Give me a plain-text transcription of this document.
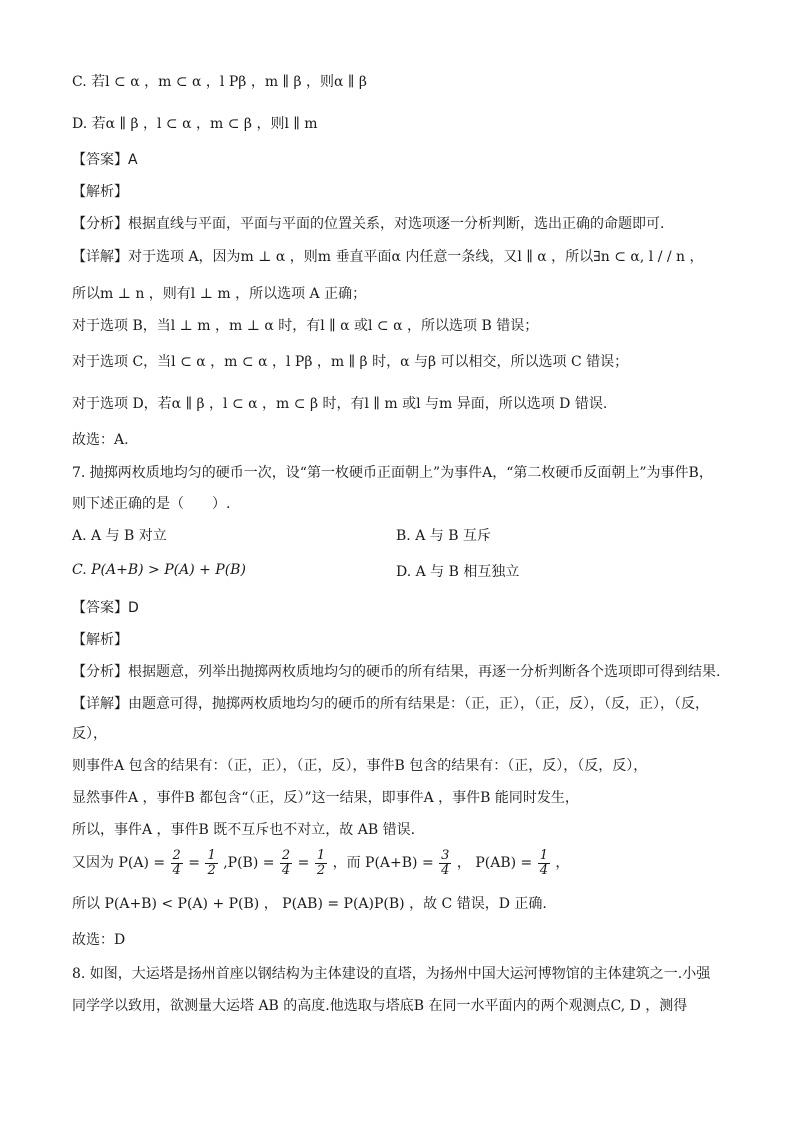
C. 若l ⊂ α ，m ⊂ α ，l Pβ ，m ∥ β ，则α ∥ β
D. 若α ∥ β ，l ⊂ α ，m ⊂ β ，则l ∥ m
【答案】A
【解析】
【分析】根据直线与平面，平面与平面的位置关系，对选项逐一分析判断，选出正确的命题即可.
【详解】对于选项 A，因为m ⊥ α ，则m 垂直平面α 内任意一条线，又l ∥ α ，所以∃n ⊂ α, l / / n ，
所以m ⊥ n ，则有l ⊥ m ，所以选项 A 正确；
对于选项 B，当l ⊥ m ，m ⊥ α 时，有l ∥ α 或l ⊂ α ，所以选项 B 错误；
对于选项 C，当l ⊂ α ，m ⊂ α ，l Pβ ，m ∥ β 时，α 与β 可以相交，所以选项 C 错误；
对于选项 D，若α ∥ β ，l ⊂ α ，m ⊂ β 时，有l ∥ m 或l 与m 异面，所以选项 D 错误.
故选：A.
7. 抛掷两枚质地均匀的硬币一次，设“第一枚硬币正面朝上”为事件A，“第二枚硬币反面朝上”为事件B，
则下述正确的是（　　）.
A. A 与 B 对立	B. A 与 B 互斥
C. P(A+B) > P(A) + P(B)	D. A 与 B 相互独立
【答案】D
【解析】
【分析】根据题意，列举出抛掷两枚质地均匀的硬币的所有结果，再逐一分析判断各个选项即可得到结果.
【详解】由题意可得，抛掷两枚质地均匀的硬币的所有结果是：（正，正），（正，反），（反，正），（反，
反），
则事件A 包含的结果有：（正，正），（正，反），事件B 包含的结果有：（正，反），（反，反），
显然事件A ，事件B 都包含“（正，反）”这一结果，即事件A ，事件B 能同时发生，
所以，事件A ，事件B 既不互斥也不对立，故 AB 错误.
又因为 $P(A) = \frac{2}{4} = \frac{1}{2} ,P(B) = \frac{2}{4} = \frac{1}{2}$ ，而 $P(A+B) = \frac{3}{4}$ ， $P(AB) = \frac{1}{4}$ ，
所以 P(A+B) < P(A) + P(B) ， P(AB) = P(A)P(B) ，故 C 错误，D 正确.
故选：D
8. 如图，大运塔是扬州首座以钢结构为主体建设的直塔，为扬州中国大运河博物馆的主体建筑之一.小强
同学学以致用，欲测量大运塔 AB 的高度.他选取与塔底B 在同一水平面内的两个观测点C, D ，测得
